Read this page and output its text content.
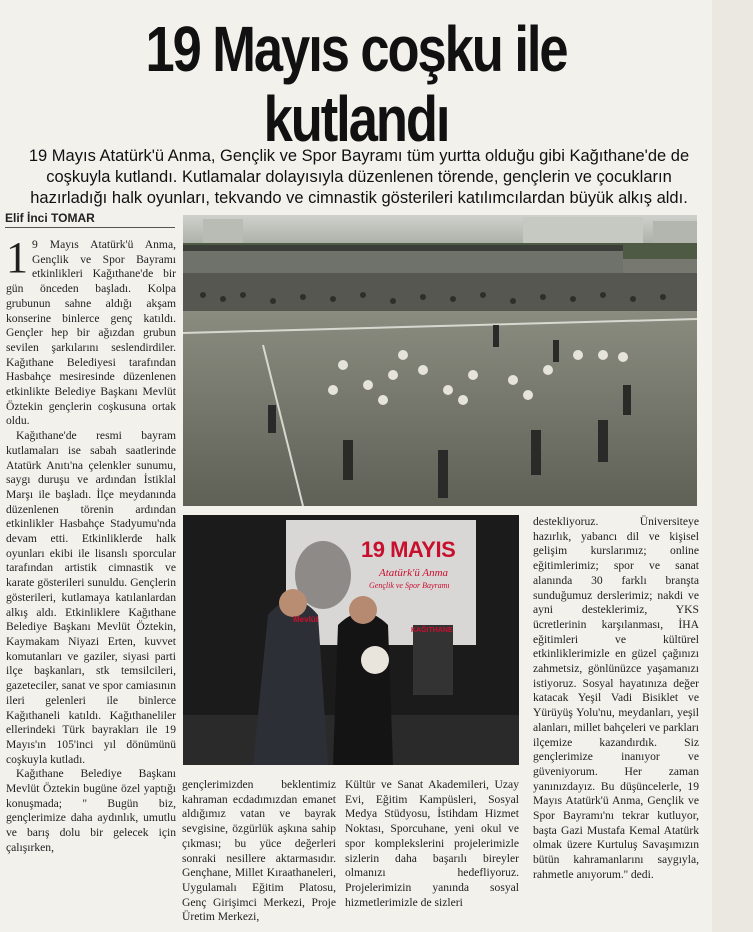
19 Mayıs coşku ile kutlandı
19 Mayıs Atatürk'ü Anma, Gençlik ve Spor Bayramı tüm yurtta olduğu gibi Kağıthane'de de coşkuyla kutlandı. Kutlamalar dolayısıyla düzenlenen törende, gençlerin ve çocukların hazırladığı halk oyunları, tekvando ve cimnastik gösterileri katılımcılardan büyük alkış aldı.
Elif İnci TOMAR

1 9 Mayıs Atatürk'ü Anma, Gençlik ve Spor Bayramı etkinlikleri Kağıthane'de bir gün önceden başladı. Kolpa grubunun sahne aldığı akşam konserine binlerce genç katıldı. Gençler hep bir ağızdan grubun sevilen şarkılarını seslendirdiler. Kağıthane Belediyesi tarafından Hasbahçe mesiresinde düzenlenen etkinlikte Belediye Başkanı Mevlüt Öztekin gençlerin coşkusuna ortak oldu.

Kağıthane'de resmi bayram kutlamaları ise sabah saatlerinde Atatürk Anıtı'na çelenkler sunumu, saygı duruşu ve ardından İstiklal Marşı ile başladı. İlçe meydanında düzenlenen törenin ardından etkinlikler Hasbahçe Stadyumu'nda devam etti. Etkinliklerde halk oyunları ekibi ile lisanslı sporcular tarafından artistik cimnastik ve karate gösterileri sunuldu. Gençlerin gösterileri, kutlamaya katılanlardan alkış aldı. Etkinliklere Kağıthane Belediye Başkanı Mevlüt Öztekin, Kaymakam Niyazi Erten, kuvvet komutanları ve gaziler, siyasi parti ilçe başkanları, stk temsilcileri, gazeteciler, sanat ve spor camiasının ileri gelenleri ile binlerce Kağıthaneli katıldı. Kağıthaneliler ellerindeki Türk bayrakları ile 19 Mayıs'ın 105'inci yıl dönümünü coşkuyla kutladı.

Kağıthane Belediye Başkanı Mevlüt Öztekin bugüne özel yaptığı konuşmada; '' Bugün biz, gençlerimize daha aydınlık, umutlu ve barış dolu bir gelecek için çalışırken,

19 MAYIS
Atatürk'ü Anma
Gençlik ve Spor Bayramı
Mevlüt
KAĞITHANE

gençlerimizden beklentimiz kahraman ecdadımızdan emanet aldığımız vatan ve bayrak sevgisine, özgürlük aşkına sahip çıkması; bu yüce değerleri sonraki nesillere aktarmasıdır. Gençhane, Millet Kıraathaneleri, Uygulamalı Eğitim Platosu, Genç Girişimci Merkezi, Proje Üretim Merkezi,

Kültür ve Sanat Akademileri, Uzay Evi, Eğitim Kampüsleri, Sosyal Medya Stüdyosu, İstihdam Hizmet Noktası, Sporcuhane, yeni okul ve spor komplekslerini projelerimizle sizlerin daha başarılı bireyler olmanızı hedefliyoruz. Projelerimizin yanında sosyal hizmetlerimizle de sizleri

destekliyoruz. Üniversiteye hazırlık, yabancı dil ve kişisel gelişim kurslarımız; online eğitimlerimiz; spor ve sanat alanında 30 farklı branşta sunduğumuz derslerimiz; nakdi ve ayni desteklerimiz, YKS ücretlerinin karşılanması, İHA eğitimleri ve kültürel etkinliklerimizle en güzel çağınızı zahmetsiz, gönlünüzce yaşamanızı istiyoruz. Sosyal hayatınıza değer katacak Yeşil Vadi Bisiklet ve Yürüyüş Yolu'nu, meydanları, yeşil alanları, millet bahçeleri ve parkları ilçemize kazandırdık. Siz gençlerimize inanıyor ve güveniyorum. Her zaman yanınızdayız. Bu düşüncelerle, 19 Mayıs Atatürk'ü Anma, Gençlik ve Spor Bayramı'nı tekrar kutluyor, başta Gazi Mustafa Kemal Atatürk olmak üzere Kurtuluş Savaşımızın bütün kahramanlarını saygıyla, rahmetle anıyorum.'' dedi.
